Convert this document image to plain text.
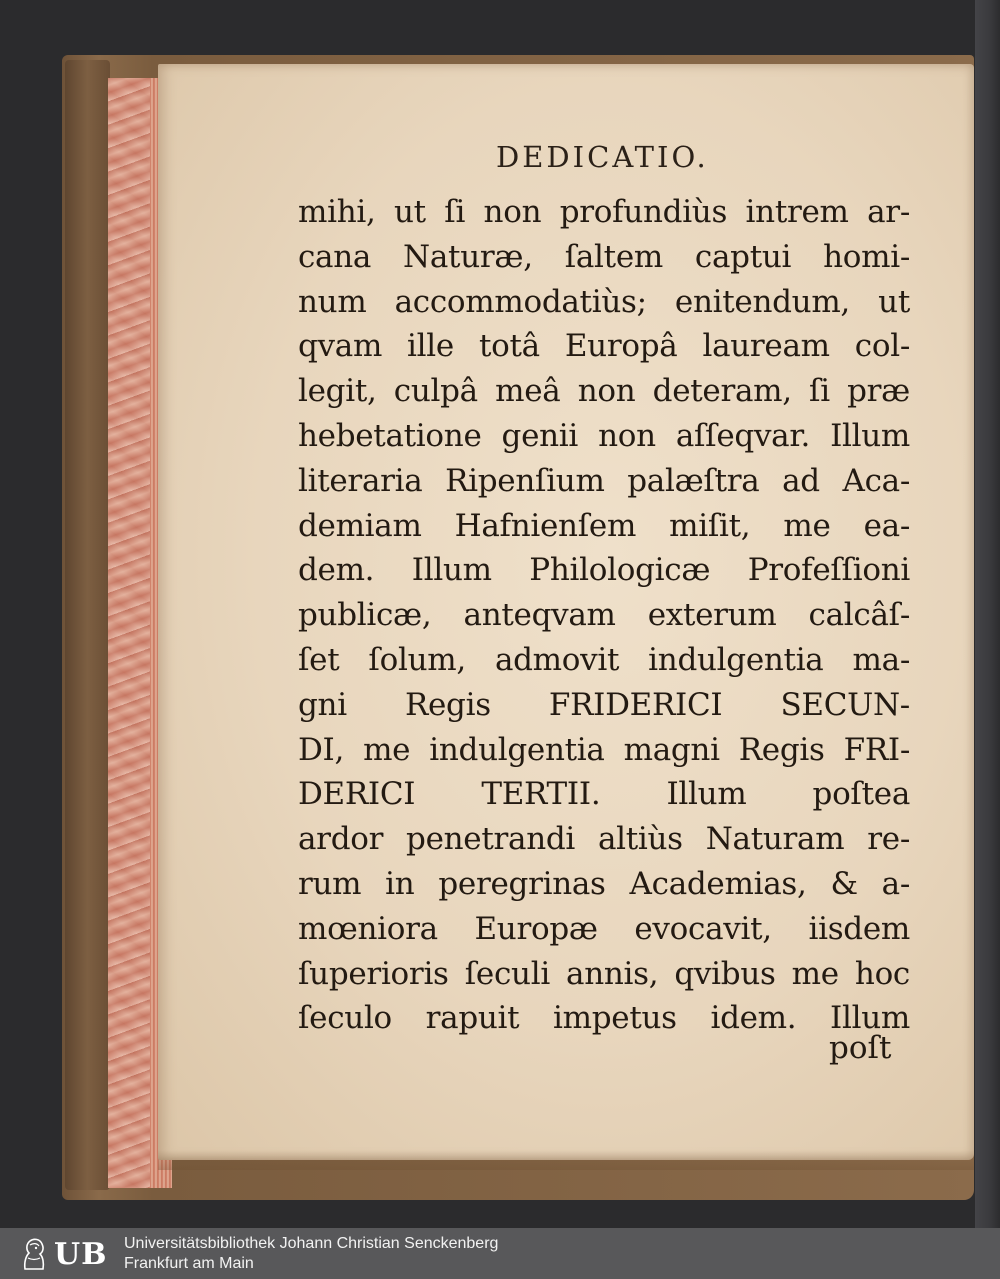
DEDICATIO.
mihi, ut ſi non profundiùs intrem ar-
cana Naturæ, ſaltem captui homi-
num accommodatiùs; enitendum, ut
qvam ille totâ Europâ lauream col-
legit, culpâ meâ non deteram, ſi præ
hebetatione genii non aſſeqvar. Illum
literaria Ripenſium palæſtra ad Aca-
demiam Hafnienſem miſit, me ea-
dem. Illum Philologicæ Profeſſioni
publicæ, anteqvam exterum calcâſ-
ſet ſolum, admovit indulgentia ma-
gni Regis FRIDERICI SECUN-
DI, me indulgentia magni Regis FRI-
DERICI TERTII. Illum poſtea
ardor penetrandi altiùs Naturam re-
rum in peregrinas Academias, & a-
mœniora Europæ evocavit, iisdem
ſuperioris ſeculi annis, qvibus me hoc
ſeculo rapuit impetus idem. Illum
poſt
UB Universitätsbibliothek Johann Christian Senckenberg
Frankfurt am Main
